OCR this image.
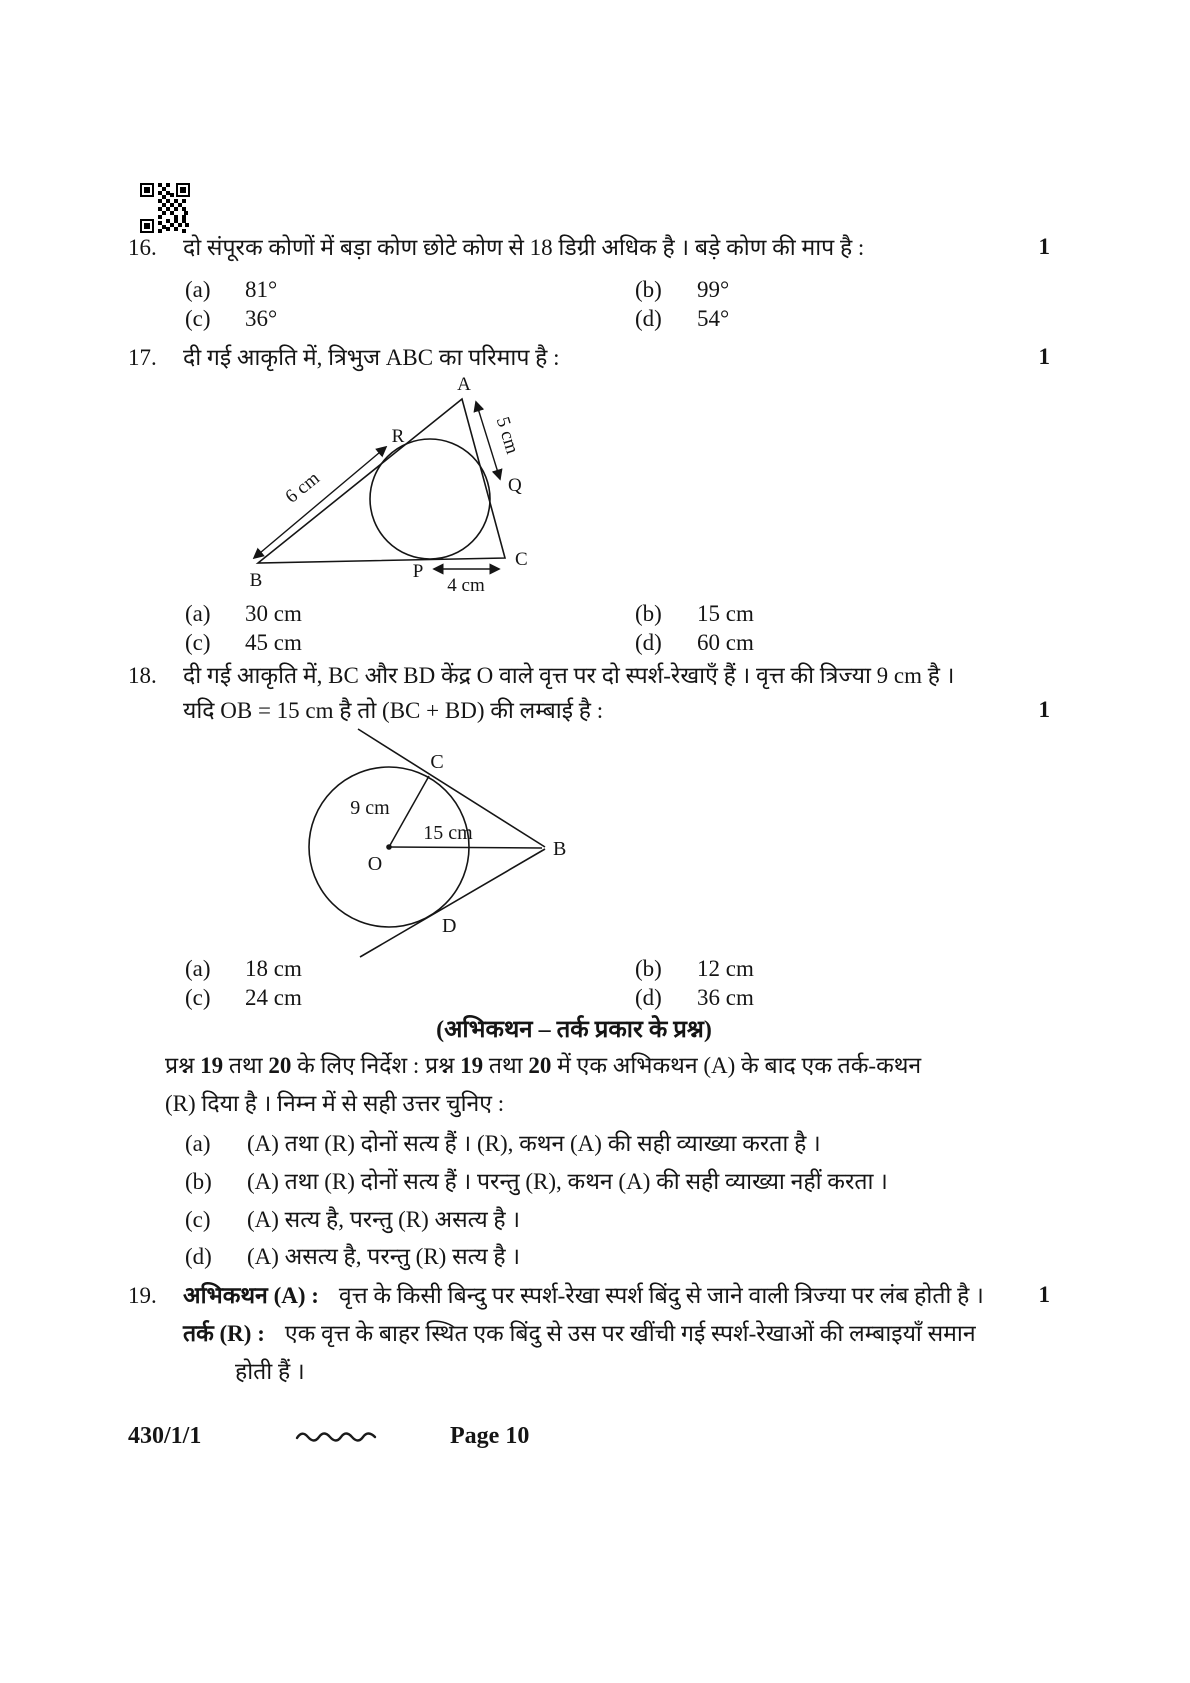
16.	दो संपूरक कोणों में बड़ा कोण छोटे कोण से 18 डिग्री अधिक है । बड़े कोण की माप है :	1
(a)	81°	(b)	99°
(c)	36°	(d)	54°
17.	दी गई आकृति में, त्रिभुज ABC का परिमाप है :	1
A
B
C
R
Q
P
5 cm
6 cm
4 cm
(a)	30 cm	(b)	15 cm
(c)	45 cm	(d)	60 cm
18.	दी गई आकृति में, BC और BD केंद्र O वाले वृत्त पर दो स्पर्श-रेखाएँ हैं । वृत्त की त्रिज्या 9 cm है ।
यदि OB = 15 cm है तो (BC + BD) की लम्बाई है :	1
C
B
O
D
9 cm
15 cm
(a)	18 cm	(b)	12 cm
(c)	24 cm	(d)	36 cm
(अभिकथन – तर्क प्रकार के प्रश्न)
प्रश्न 19 तथा 20 के लिए निर्देश : प्रश्न 19 तथा 20 में एक अभिकथन (A) के बाद एक तर्क-कथन
(R) दिया है । निम्न में से सही उत्तर चुनिए :
(a)	(A) तथा (R) दोनों सत्य हैं । (R), कथन (A) की सही व्याख्या करता है ।
(b)	(A) तथा (R) दोनों सत्य हैं । परन्तु (R), कथन (A) की सही व्याख्या नहीं करता ।
(c)	(A) सत्य है, परन्तु (R) असत्य है ।
(d)	(A) असत्य है, परन्तु (R) सत्य है ।
19.	अभिकथन (A) : वृत्त के किसी बिन्दु पर स्पर्श-रेखा स्पर्श बिंदु से जाने वाली त्रिज्या पर लंब होती है ।	1
तर्क (R) : एक वृत्त के बाहर स्थित एक बिंदु से उस पर खींची गई स्पर्श-रेखाओं की लम्बाइयाँ समान
होती हैं ।
430/1/1	Page 10
